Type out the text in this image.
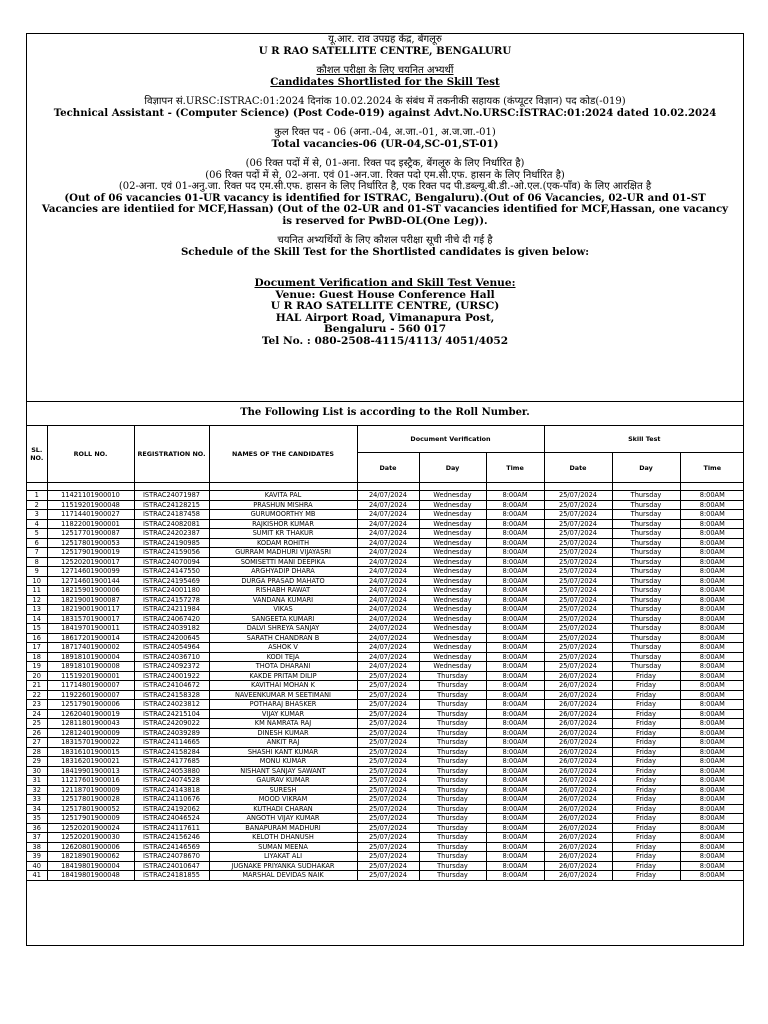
यू.आर. राव उपग्रह केंद्र, बेंगलूरु

U R RAO SATELLITE CENTRE, BENGALURU

कौशल परीक्षा के लिए चयनित अभ्यर्थी

Candidates Shortlisted for the Skill Test

विज्ञापन सं.URSC:ISTRAC:01:2024 दिनांक 10.02.2024 के संबंध में तकनीकी सहायक (कंप्यूटर विज्ञान) पद कोड(-019)

Technical Assistant - (Computer Science) (Post Code-019) against Advt.No.URSC:ISTRAC:01:2024 dated 10.02.2024

कुल रिक्त पद - 06 (अना.-04, अ.जा.-01, अ.ज.जा.-01)

Total vacancies-06 (UR-04,SC-01,ST-01)

(06 रिक्त पदों में से, 01-अना. रिक्त पद इस्ट्रैक, बेंगलूरु के लिए निर्धारित है)

(06 रिक्त पदों में से, 02-अना. एवं 01-अन.जा. रिक्त पदो एम.सी.एफ. हासन के लिए निर्धारित है)

(02-अना. एवं 01-अनु.जा. रिक्त पद एम.सी.एफ. हासन के लिए निर्धारित है, एक रिक्त पद पी.डब्ल्यू.बी.डी.-ओ.एल.(एक-पाँव) के लिए आरक्षित है

(Out of 06 vacancies 01-UR vacancy is identified for ISTRAC, Bengaluru).(Out of 06 Vacancies, 02-UR and 01-ST

Vacancies are identiied for MCF,Hassan) (Out of the 02-UR and 01-ST vacancies identified for MCF,Hassan, one vacancy

is reserved for PwBD-OL(One Leg)).

चयनित अभ्यर्थियों के लिए कौशल परीक्षा सूची नीचे दी गई है

Schedule of the Skill Test for the Shortlisted candidates is given below:

Document Verification and Skill Test Venue:

Venue: Guest House Conference Hall

U R RAO SATELLITE CENTRE, (URSC)

HAL Airport Road, Vimanapura Post,

Bengaluru - 560 017

Tel No. : 080-2508-4115/4113/ 4051/4052

The Following List is according to the Roll Number.
SL. NO.	ROLL NO.	REGISTRATION NO.	NAMES OF THE CANDIDATES	Document Verification			Skill Test		
				Date	Day	Time	Date	Day	Time

1	11421101900010	ISTRAC24071987	KAVITA PAL	24/07/2024	Wednesday	8:00AM	25/07/2024	Thursday	8:00AM
2	11519201900048	ISTRAC24128215	PRASHUN MISHRA	24/07/2024	Wednesday	8:00AM	25/07/2024	Thursday	8:00AM
3	11714401900027	ISTRAC24187458	GURUMOORTHY MB	24/07/2024	Wednesday	8:00AM	25/07/2024	Thursday	8:00AM
4	11822001900001	ISTRAC24082081	RAJKISHOR KUMAR	24/07/2024	Wednesday	8:00AM	25/07/2024	Thursday	8:00AM
5	12517701900087	ISTRAC24202387	SUMIT KR THAKUR	24/07/2024	Wednesday	8:00AM	25/07/2024	Thursday	8:00AM
6	12517801900053	ISTRAC24190985	KODAM ROHITH	24/07/2024	Wednesday	8:00AM	25/07/2024	Thursday	8:00AM
7	12517901900019	ISTRAC24159056	GURRAM MADHURI VIJAYASRI	24/07/2024	Wednesday	8:00AM	25/07/2024	Thursday	8:00AM
8	12520201900017	ISTRAC24070094	SOMISETTI MANI DEEPIKA	24/07/2024	Wednesday	8:00AM	25/07/2024	Thursday	8:00AM
9	12714601900099	ISTRAC24147550	ARGHYADIP DHARA	24/07/2024	Wednesday	8:00AM	25/07/2024	Thursday	8:00AM
10	12714601900144	ISTRAC24195469	DURGA PRASAD MAHATO	24/07/2024	Wednesday	8:00AM	25/07/2024	Thursday	8:00AM
11	18215901900006	ISTRAC24001180	RISHABH RAWAT	24/07/2024	Wednesday	8:00AM	25/07/2024	Thursday	8:00AM
12	18219001900087	ISTRAC24157278	VANDANA KUMARI	24/07/2024	Wednesday	8:00AM	25/07/2024	Thursday	8:00AM
13	18219001900117	ISTRAC24211984	VIKAS	24/07/2024	Wednesday	8:00AM	25/07/2024	Thursday	8:00AM
14	18315701900017	ISTRAC24067420	SANGEETA KUMARI	24/07/2024	Wednesday	8:00AM	25/07/2024	Thursday	8:00AM
15	18419701900011	ISTRAC24039182	DALVI SHREYA SANJAY	24/07/2024	Wednesday	8:00AM	25/07/2024	Thursday	8:00AM
16	18617201900014	ISTRAC24200645	SARATH CHANDRAN B	24/07/2024	Wednesday	8:00AM	25/07/2024	Thursday	8:00AM
17	18717401900002	ISTRAC24054964	ASHOK V	24/07/2024	Wednesday	8:00AM	25/07/2024	Thursday	8:00AM
18	18918101900004	ISTRAC24036710	KODI TEJA	24/07/2024	Wednesday	8:00AM	25/07/2024	Thursday	8:00AM
19	18918101900008	ISTRAC24092372	THOTA DHARANI	24/07/2024	Wednesday	8:00AM	25/07/2024	Thursday	8:00AM
20	11519201900001	ISTRAC24001922	KAKDE PRITAM DILIP	25/07/2024	Thursday	8:00AM	26/07/2024	Friday	8:00AM
21	11714801900007	ISTRAC24104672	KAVITHAI MOHAN K	25/07/2024	Thursday	8:00AM	26/07/2024	Friday	8:00AM
22	11922601900007	ISTRAC24158328	NAVEENKUMAR M SEETIMANI	25/07/2024	Thursday	8:00AM	26/07/2024	Friday	8:00AM
23	12517901900006	ISTRAC24023812	POTHARAJ BHASKER	25/07/2024	Thursday	8:00AM	26/07/2024	Friday	8:00AM
24	12620401900019	ISTRAC24215104	VIJAY KUMAR	25/07/2024	Thursday	8:00AM	26/07/2024	Friday	8:00AM
25	12811801900043	ISTRAC24209022	KM NAMRATA RAJ	25/07/2024	Thursday	8:00AM	26/07/2024	Friday	8:00AM
26	12812401900009	ISTRAC24039289	DINESH KUMAR	25/07/2024	Thursday	8:00AM	26/07/2024	Friday	8:00AM
27	18315701900022	ISTRAC24114665	ANKIT RAJ	25/07/2024	Thursday	8:00AM	26/07/2024	Friday	8:00AM
28	18316101900015	ISTRAC24158284	SHASHI KANT KUMAR	25/07/2024	Thursday	8:00AM	26/07/2024	Friday	8:00AM
29	18316201900021	ISTRAC24177685	MONU KUMAR	25/07/2024	Thursday	8:00AM	26/07/2024	Friday	8:00AM
30	18419901900013	ISTRAC24053880	NISHANT SANJAY SAWANT	25/07/2024	Thursday	8:00AM	26/07/2024	Friday	8:00AM
31	11217601900016	ISTRAC24074528	GAURAV KUMAR	25/07/2024	Thursday	8:00AM	26/07/2024	Friday	8:00AM
32	12118701900009	ISTRAC24143818	SURESH	25/07/2024	Thursday	8:00AM	26/07/2024	Friday	8:00AM
33	12517801900028	ISTRAC24110676	MOOD VIKRAM	25/07/2024	Thursday	8:00AM	26/07/2024	Friday	8:00AM
34	12517801900052	ISTRAC24192062	KUTHADI CHARAN	25/07/2024	Thursday	8:00AM	26/07/2024	Friday	8:00AM
35	12517901900009	ISTRAC24046524	ANGOTH VIJAY KUMAR	25/07/2024	Thursday	8:00AM	26/07/2024	Friday	8:00AM
36	12520201900024	ISTRAC24117611	BANAPURAM MADHURI	25/07/2024	Thursday	8:00AM	26/07/2024	Friday	8:00AM
37	12520201900030	ISTRAC24156246	KELOTH DHANUSH	25/07/2024	Thursday	8:00AM	26/07/2024	Friday	8:00AM
38	12620801900006	ISTRAC24146569	SUMAN MEENA	25/07/2024	Thursday	8:00AM	26/07/2024	Friday	8:00AM
39	18218901900062	ISTRAC24078670	LIYAKAT ALI	25/07/2024	Thursday	8:00AM	26/07/2024	Friday	8:00AM
40	18419801900004	ISTRAC24010647	JUGNAKE PRIYANKA SUDHAKAR	25/07/2024	Thursday	8:00AM	26/07/2024	Friday	8:00AM
41	18419801900048	ISTRAC24181855	MARSHAL DEVIDAS NAIK	25/07/2024	Thursday	8:00AM	26/07/2024	Friday	8:00AM
